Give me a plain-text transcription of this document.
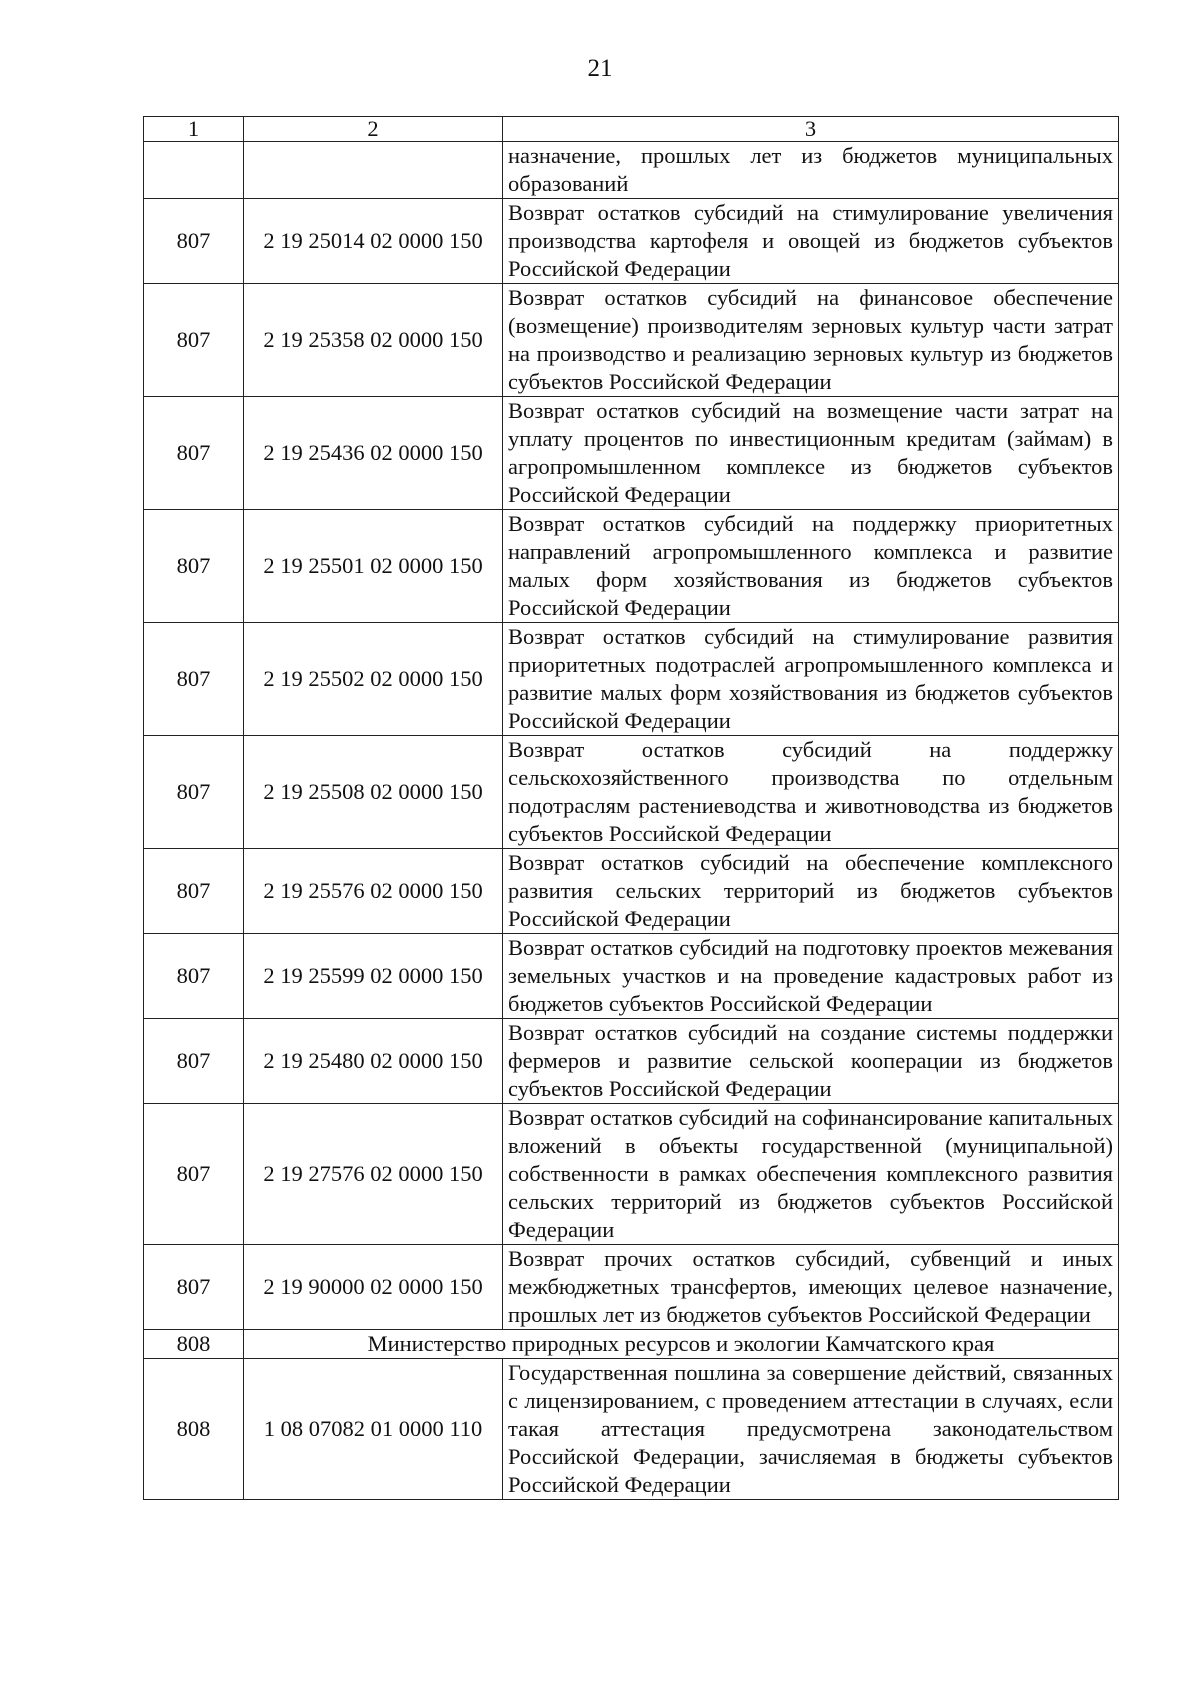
21
1	2	3
		назначение, прошлых лет из бюджетов муниципальных образований
807	2 19 25014 02 0000 150	Возврат остатков субсидий на стимулирование увеличения производства картофеля и овощей из бюджетов субъектов Российской Федерации
807	2 19 25358 02 0000 150	Возврат остатков субсидий на финансовое обеспечение (возмещение) производителям зерновых культур части затрат на производство и реализацию зерновых культур из бюджетов субъектов Российской Федерации
807	2 19 25436 02 0000 150	Возврат остатков субсидий на возмещение части затрат на уплату процентов по инвестиционным кредитам (займам) в агропромышленном комплексе из бюджетов субъектов Российской Федерации
807	2 19 25501 02 0000 150	Возврат остатков субсидий на поддержку приоритетных направлений агропромышленного комплекса и развитие малых форм хозяйствования из бюджетов субъектов Российской Федерации
807	2 19 25502 02 0000 150	Возврат остатков субсидий на стимулирование развития приоритетных подотраслей агропромышленного комплекса и развитие малых форм хозяйствования из бюджетов субъектов Российской Федерации
807	2 19 25508 02 0000 150	Возврат остатков субсидий на поддержку сельскохозяйственного производства по отдельным подотраслям растениеводства и животноводства из бюджетов субъектов Российской Федерации
807	2 19 25576 02 0000 150	Возврат остатков субсидий на обеспечение комплексного развития сельских территорий из бюджетов субъектов Российской Федерации
807	2 19 25599 02 0000 150	Возврат остатков субсидий на подготовку проектов межевания земельных участков и на проведение кадастровых работ из бюджетов субъектов Российской Федерации
807	2 19 25480 02 0000 150	Возврат остатков субсидий на создание системы поддержки фермеров и развитие сельской кооперации из бюджетов субъектов Российской Федерации
807	2 19 27576 02 0000 150	Возврат остатков субсидий на софинансирование капитальных вложений в объекты государственной (муниципальной) собственности в рамках обеспечения комплексного развития сельских территорий из бюджетов субъектов Российской Федерации
807	2 19 90000 02 0000 150	Возврат прочих остатков субсидий, субвенций и иных межбюджетных трансфертов, имеющих целевое назначение, прошлых лет из бюджетов субъектов Российской Федерации
808	Министерство природных ресурсов и экологии Камчатского края	
808	1 08 07082 01 0000 110	Государственная пошлина за совершение действий, связанных с лицензированием, с проведением аттестации в случаях, если такая аттестация предусмотрена законодательством Российской Федерации, зачисляемая в бюджеты субъектов Российской Федерации
